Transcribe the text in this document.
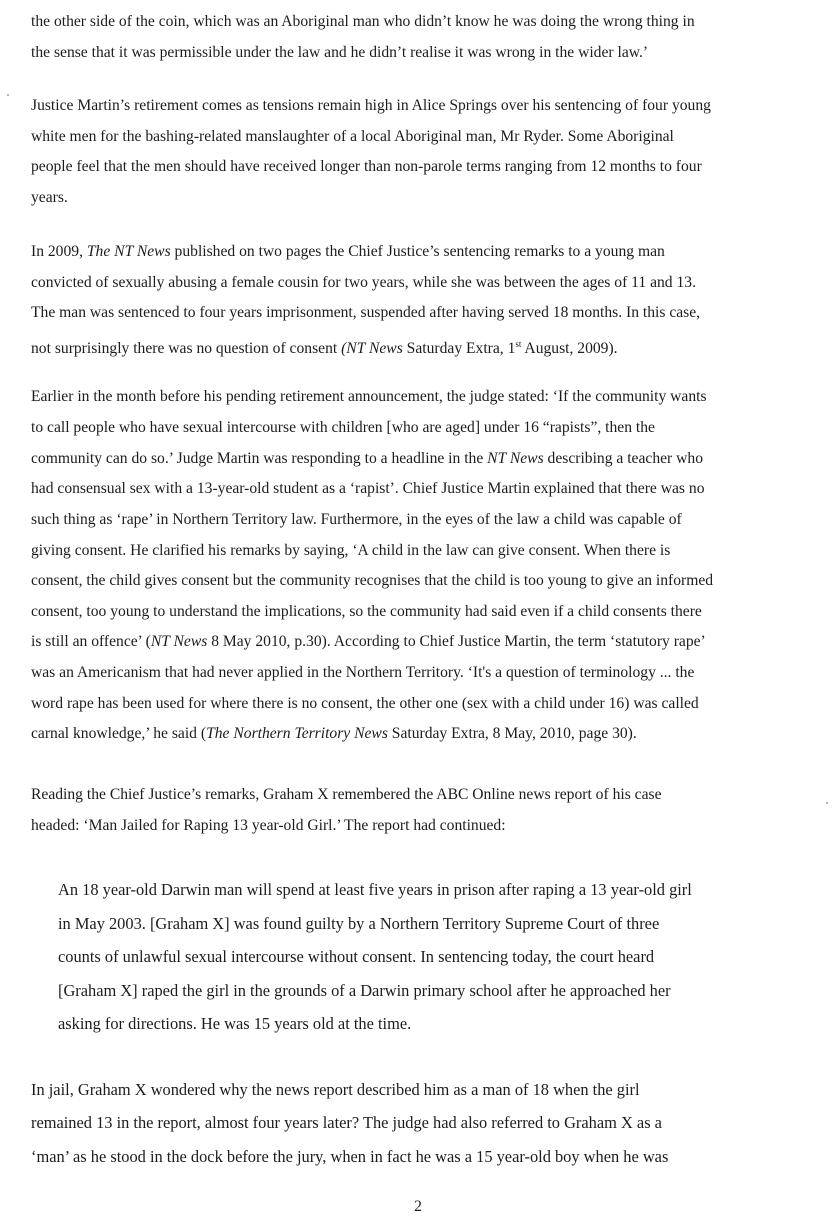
the other side of the coin, which was an Aboriginal man who didn’t know he was doing the wrong thing in
the sense that it was permissible under the law and he didn’t realise it was wrong in the wider law.’
Justice Martin’s retirement comes as tensions remain high in Alice Springs over his sentencing of four young
white men for the bashing-related manslaughter of a local Aboriginal man, Mr Ryder. Some Aboriginal
people feel that the men should have received longer than non-parole terms ranging from 12 months to four
years.
In 2009, The NT News published on two pages the Chief Justice’s sentencing remarks to a young man
convicted of sexually abusing a female cousin for two years, while she was between the ages of 11 and 13.
The man was sentenced to four years imprisonment, suspended after having served 18 months. In this case,
not surprisingly there was no question of consent (NT News Saturday Extra, 1st August, 2009).
Earlier in the month before his pending retirement announcement, the judge stated: ‘If the community wants
to call people who have sexual intercourse with children [who are aged] under 16 “rapists”, then the
community can do so.’ Judge Martin was responding to a headline in the NT News describing a teacher who
had consensual sex with a 13-year-old student as a ‘rapist’. Chief Justice Martin explained that there was no
such thing as ‘rape’ in Northern Territory law. Furthermore, in the eyes of the law a child was capable of
giving consent. He clarified his remarks by saying, ‘A child in the law can give consent. When there is
consent, the child gives consent but the community recognises that the child is too young to give an informed
consent, too young to understand the implications, so the community had said even if a child consents there
is still an offence’ (NT News 8 May 2010, p.30). According to Chief Justice Martin, the term ‘statutory rape’
was an Americanism that had never applied in the Northern Territory. ‘It's a question of terminology ... the
word rape has been used for where there is no consent, the other one (sex with a child under 16) was called
carnal knowledge,’ he said (The Northern Territory News Saturday Extra, 8 May, 2010, page 30).
Reading the Chief Justice’s remarks, Graham X remembered the ABC Online news report of his case
headed: ‘Man Jailed for Raping 13 year-old Girl.’ The report had continued:
An 18 year-old Darwin man will spend at least five years in prison after raping a 13 year-old girl
in May 2003. [Graham X] was found guilty by a Northern Territory Supreme Court of three
counts of unlawful sexual intercourse without consent. In sentencing today, the court heard
[Graham X] raped the girl in the grounds of a Darwin primary school after he approached her
asking for directions. He was 15 years old at the time.
In jail, Graham X wondered why the news report described him as a man of 18 when the girl
remained 13 in the report, almost four years later? The judge had also referred to Graham X as a
‘man’ as he stood in the dock before the jury, when in fact he was a 15 year-old boy when he was
2
